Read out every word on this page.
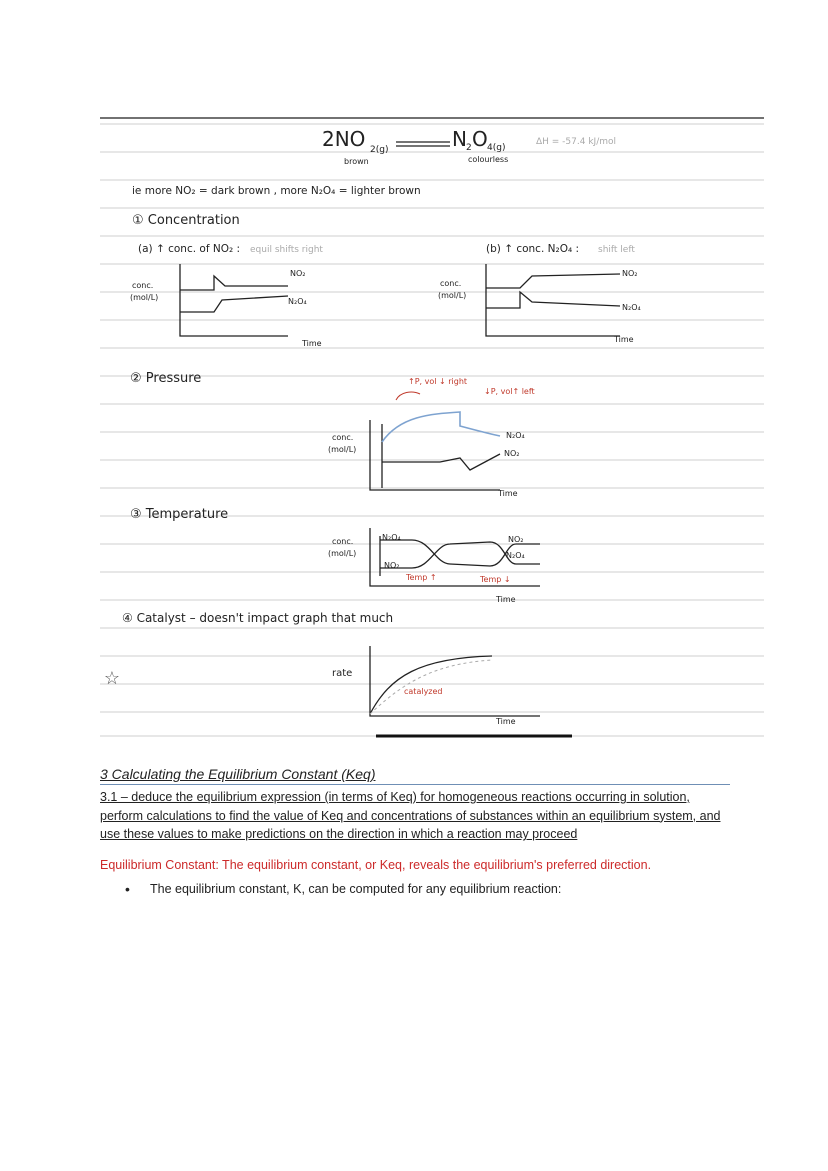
2NO 2(g)	N 2 O 4(g)
ΔH = -57.4 kJ/mol
brown	colourless
ie more NO₂ = dark brown , more N₂O₄ = lighter brown
① Concentration
(a) ↑ conc. of NO₂ : equil shifts right	(b) ↑ conc. N₂O₄ : shift left
conc.
(mol/L)
NO₂
N₂O₄
Time
conc.
(mol/L)
NO₂
N₂O₄
Time
② Pressure	↑P, vol ↓ right
↓P, vol↑ left
conc.
(mol/L)
N₂O₄
NO₂
Time
③ Temperature
conc.
(mol/L)
N₂O₄
NO₂
NO₂
N₂O₄
Temp ↑	Temp ↓
Time
④ Catalyst – doesn't impact graph that much
rate
catalyzed
Time
☆
3 Calculating the Equilibrium Constant (Keq)

3.1 – deduce the equilibrium expression (in terms of Keq) for homogeneous reactions occurring in solution, perform calculations to find the value of Keq and concentrations of substances within an equilibrium system, and use these values to make predictions on the direction in which a reaction may proceed

Equilibrium Constant: The equilibrium constant, or Keq, reveals the equilibrium's preferred direction.

• The equilibrium constant, K, can be computed for any equilibrium reaction:
